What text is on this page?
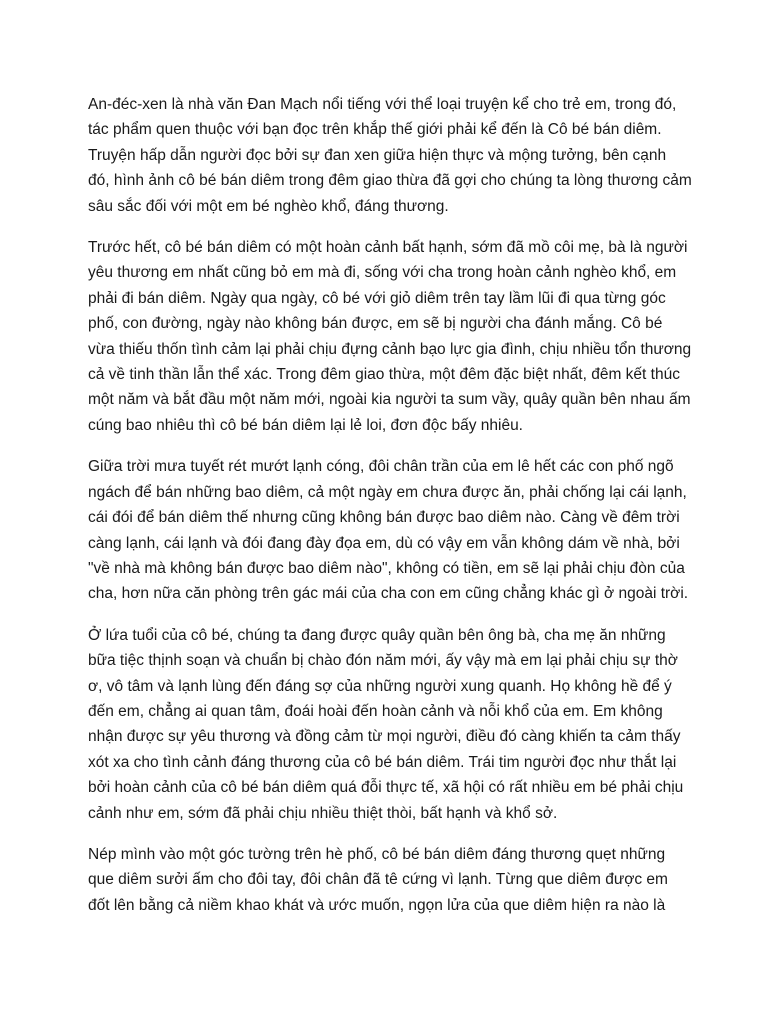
An-đéc-xen là nhà văn Đan Mạch nổi tiếng với thể loại truyện kể cho trẻ em, trong đó,
tác phẩm quen thuộc với bạn đọc trên khắp thế giới phải kể đến là Cô bé bán diêm.
Truyện hấp dẫn người đọc bởi sự đan xen giữa hiện thực và mộng tưởng, bên cạnh
đó, hình ảnh cô bé bán diêm trong đêm giao thừa đã gợi cho chúng ta lòng thương cảm
sâu sắc đối với một em bé nghèo khổ, đáng thương.

Trước hết, cô bé bán diêm có một hoàn cảnh bất hạnh, sớm đã mồ côi mẹ, bà là người
yêu thương em nhất cũng bỏ em mà đi, sống với cha trong hoàn cảnh nghèo khổ, em
phải đi bán diêm. Ngày qua ngày, cô bé với giỏ diêm trên tay lầm lũi đi qua từng góc
phố, con đường, ngày nào không bán được, em sẽ bị người cha đánh mắng. Cô bé
vừa thiếu thốn tình cảm lại phải chịu đựng cảnh bạo lực gia đình, chịu nhiều tổn thương
cả về tinh thần lẫn thể xác. Trong đêm giao thừa, một đêm đặc biệt nhất, đêm kết thúc
một năm và bắt đầu một năm mới, ngoài kia người ta sum vầy, quây quần bên nhau ấm
cúng bao nhiêu thì cô bé bán diêm lại lẻ loi, đơn độc bấy nhiêu.

Giữa trời mưa tuyết rét mướt lạnh cóng, đôi chân trần của em lê hết các con phố ngõ
ngách để bán những bao diêm, cả một ngày em chưa được ăn, phải chống lại cái lạnh,
cái đói để bán diêm thế nhưng cũng không bán được bao diêm nào. Càng về đêm trời
càng lạnh, cái lạnh và đói đang đày đọa em, dù có vậy em vẫn không dám về nhà, bởi
"về nhà mà không bán được bao diêm nào", không có tiền, em sẽ lại phải chịu đòn của
cha, hơn nữa căn phòng trên gác mái của cha con em cũng chẳng khác gì ở ngoài trời.

Ở lứa tuổi của cô bé, chúng ta đang được quây quần bên ông bà, cha mẹ ăn những
bữa tiệc thịnh soạn và chuẩn bị chào đón năm mới, ấy vậy mà em lại phải chịu sự thờ
ơ, vô tâm và lạnh lùng đến đáng sợ của những người xung quanh. Họ không hề để ý
đến em, chẳng ai quan tâm, đoái hoài đến hoàn cảnh và nỗi khổ của em. Em không
nhận được sự yêu thương và đồng cảm từ mọi người, điều đó càng khiến ta cảm thấy
xót xa cho tình cảnh đáng thương của cô bé bán diêm. Trái tim người đọc như thắt lại
bởi hoàn cảnh của cô bé bán diêm quá đỗi thực tế, xã hội có rất nhiều em bé phải chịu
cảnh như em, sớm đã phải chịu nhiều thiệt thòi, bất hạnh và khổ sở.

Nép mình vào một góc tường trên hè phố, cô bé bán diêm đáng thương quẹt những
que diêm sưởi ấm cho đôi tay, đôi chân đã tê cứng vì lạnh. Từng que diêm được em
đốt lên bằng cả niềm khao khát và ước muốn, ngọn lửa của que diêm hiện ra nào là
